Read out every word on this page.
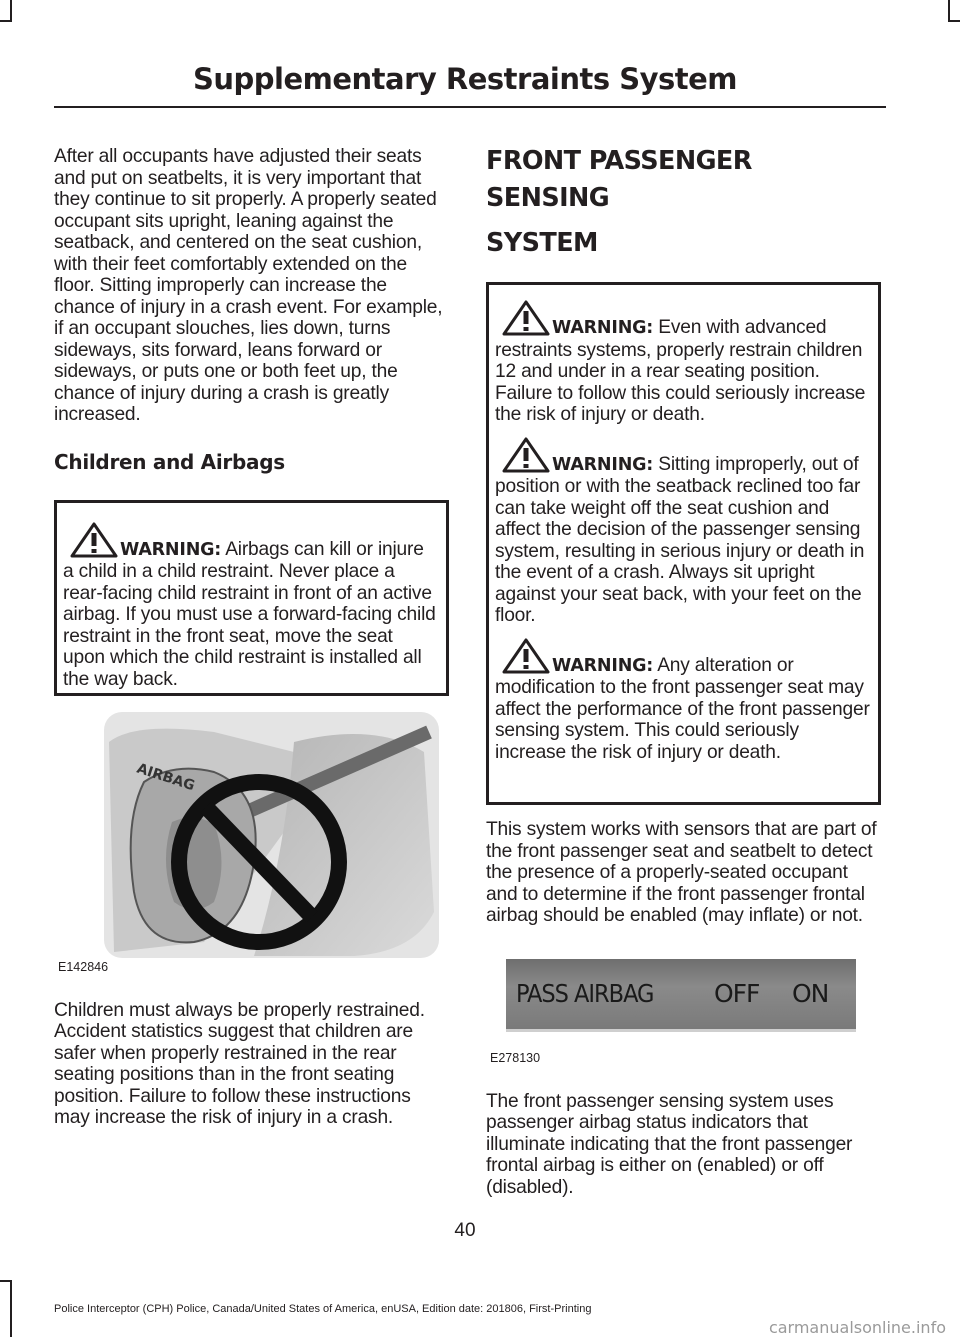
Supplementary Restraints System

After all occupants have adjusted their seats and put on seatbelts, it is very important that they continue to sit properly. A properly seated occupant sits upright, leaning against the seatback, and centered on the seat cushion, with their feet comfortably extended on the floor. Sitting improperly can increase the chance of injury in a crash event. For example, if an occupant slouches, lies down, turns sideways, sits forward, leans forward or sideways, or puts one or both feet up, the chance of injury during a crash is greatly increased.

Children and Airbags
WARNING: Airbags can kill or injure a child in a child restraint. Never place a rear-facing child restraint in front of an active airbag. If you must use a forward-facing child restraint in the front seat, move the seat upon which the child restraint is installed all the way back.
AIRBAG
E142846

Children must always be properly restrained. Accident statistics suggest that children are safer when properly restrained in the rear seating positions than in the front seating position. Failure to follow these instructions may increase the risk of injury in a crash.

FRONT PASSENGER SENSING
SYSTEM
WARNING: Even with advanced restraints systems, properly restrain children 12 and under in a rear seating position. Failure to follow this could seriously increase the risk of injury or death.
WARNING: Sitting improperly, out of position or with the seatback reclined too far can take weight off the seat cushion and affect the decision of the passenger sensing system, resulting in serious injury or death in the event of a crash. Always sit upright against your seat back, with your feet on the floor.
WARNING: Any alteration or modification to the front passenger seat may affect the performance of the front passenger sensing system. This could seriously increase the risk of injury or death.

This system works with sensors that are part of the front passenger seat and seatbelt to detect the presence of a properly-seated occupant and to determine if the front passenger frontal airbag should be enabled (may inflate) or not.

PASS AIRBAG OFF ON
E278130

The front passenger sensing system uses passenger airbag status indicators that illuminate indicating that the front passenger frontal airbag is either on (enabled) or off (disabled).

40
Police Interceptor (CPH) Police, Canada/United States of America, enUSA, Edition date: 201806, First-Printing
carmanualsonline.info
